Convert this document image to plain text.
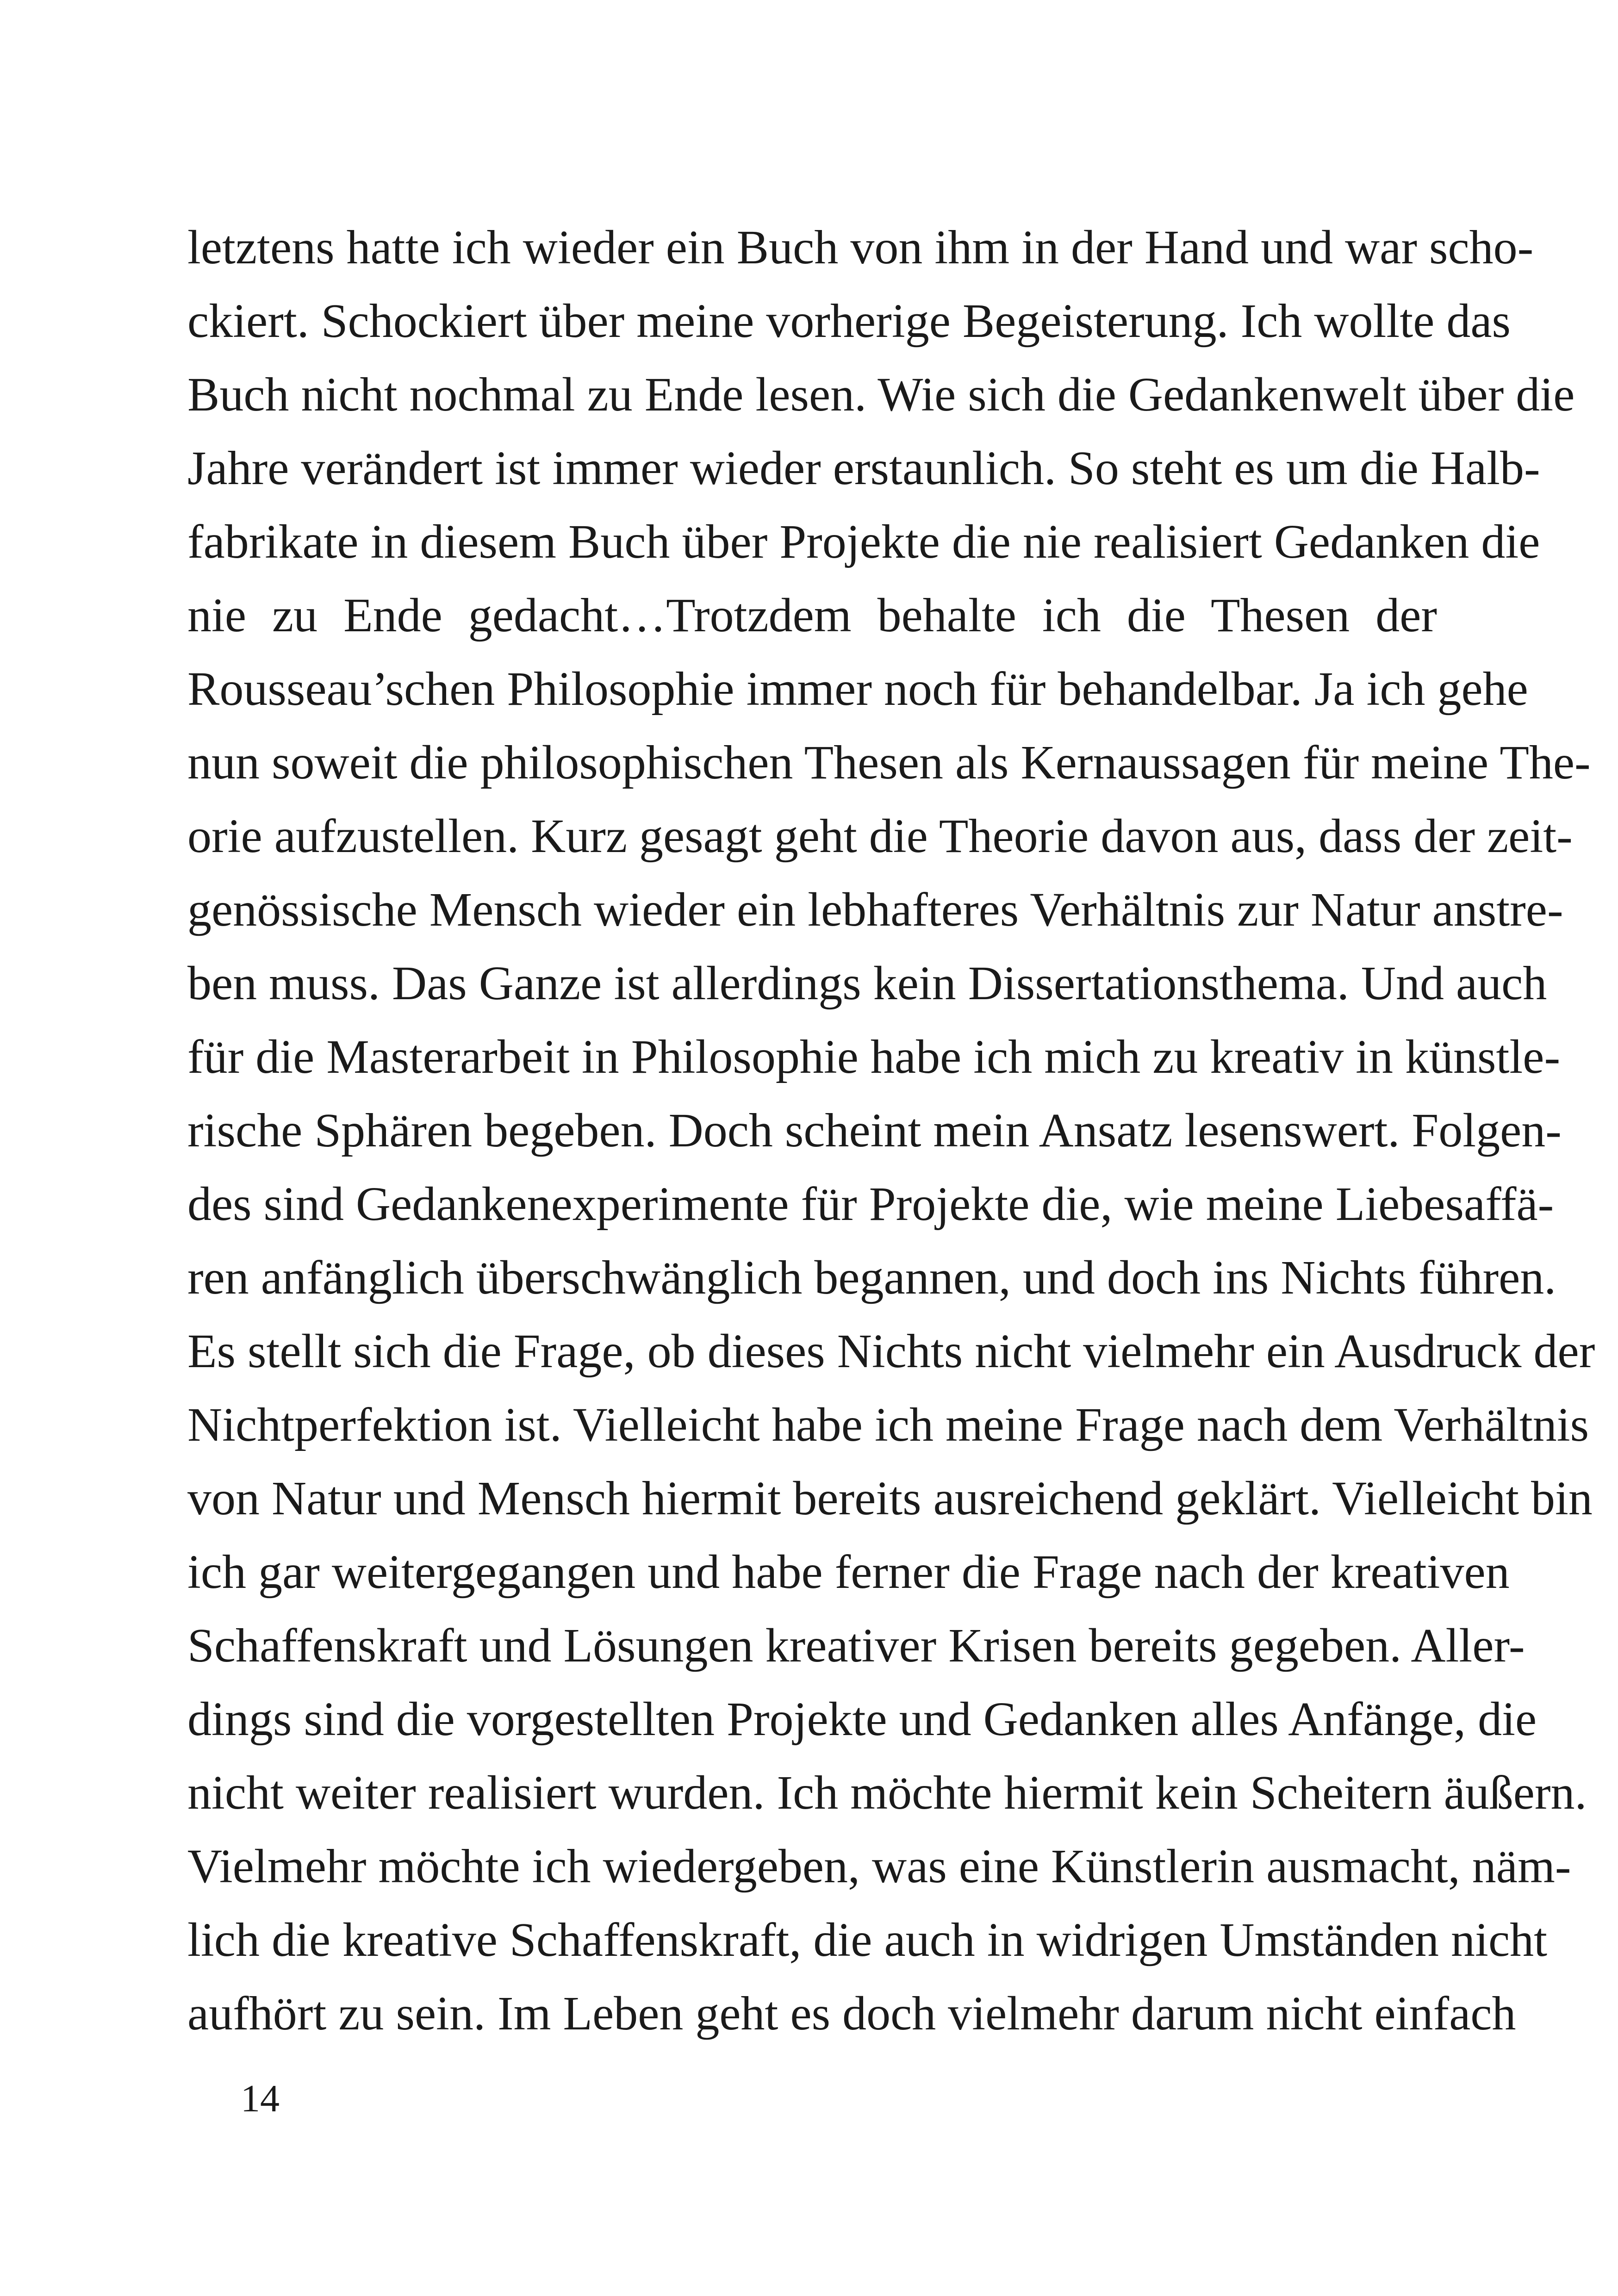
letztens hatte ich wieder ein Buch von ihm in der Hand und war scho-
ckiert. Schockiert über meine vorherige Begeisterung. Ich wollte das
Buch nicht nochmal zu Ende lesen. Wie sich die Gedankenwelt über die
Jahre verändert ist immer wieder erstaunlich. So steht es um die Halb-
fabrikate in diesem Buch über Projekte die nie realisiert Gedanken die
nie zu Ende gedacht…Trotzdem behalte ich die Thesen der
Rousseau’schen Philosophie immer noch für behandelbar. Ja ich gehe
nun soweit die philosophischen Thesen als Kernaussagen für meine The-
orie aufzustellen. Kurz gesagt geht die Theorie davon aus, dass der zeit-
genössische Mensch wieder ein lebhafteres Verhältnis zur Natur anstre-
ben muss. Das Ganze ist allerdings kein Dissertationsthema. Und auch
für die Masterarbeit in Philosophie habe ich mich zu kreativ in künstle-
rische Sphären begeben. Doch scheint mein Ansatz lesenswert. Folgen-
des sind Gedankenexperimente für Projekte die, wie meine Liebesaffä-
ren anfänglich überschwänglich begannen, und doch ins Nichts führen.
Es stellt sich die Frage, ob dieses Nichts nicht vielmehr ein Ausdruck der
Nichtperfektion ist. Vielleicht habe ich meine Frage nach dem Verhältnis
von Natur und Mensch hiermit bereits ausreichend geklärt. Vielleicht bin
ich gar weitergegangen und habe ferner die Frage nach der kreativen
Schaffenskraft und Lösungen kreativer Krisen bereits gegeben. Aller-
dings sind die vorgestellten Projekte und Gedanken alles Anfänge, die
nicht weiter realisiert wurden. Ich möchte hiermit kein Scheitern äußern.
Vielmehr möchte ich wiedergeben, was eine Künstlerin ausmacht, näm-
lich die kreative Schaffenskraft, die auch in widrigen Umständen nicht
aufhört zu sein. Im Leben geht es doch vielmehr darum nicht einfach
14
